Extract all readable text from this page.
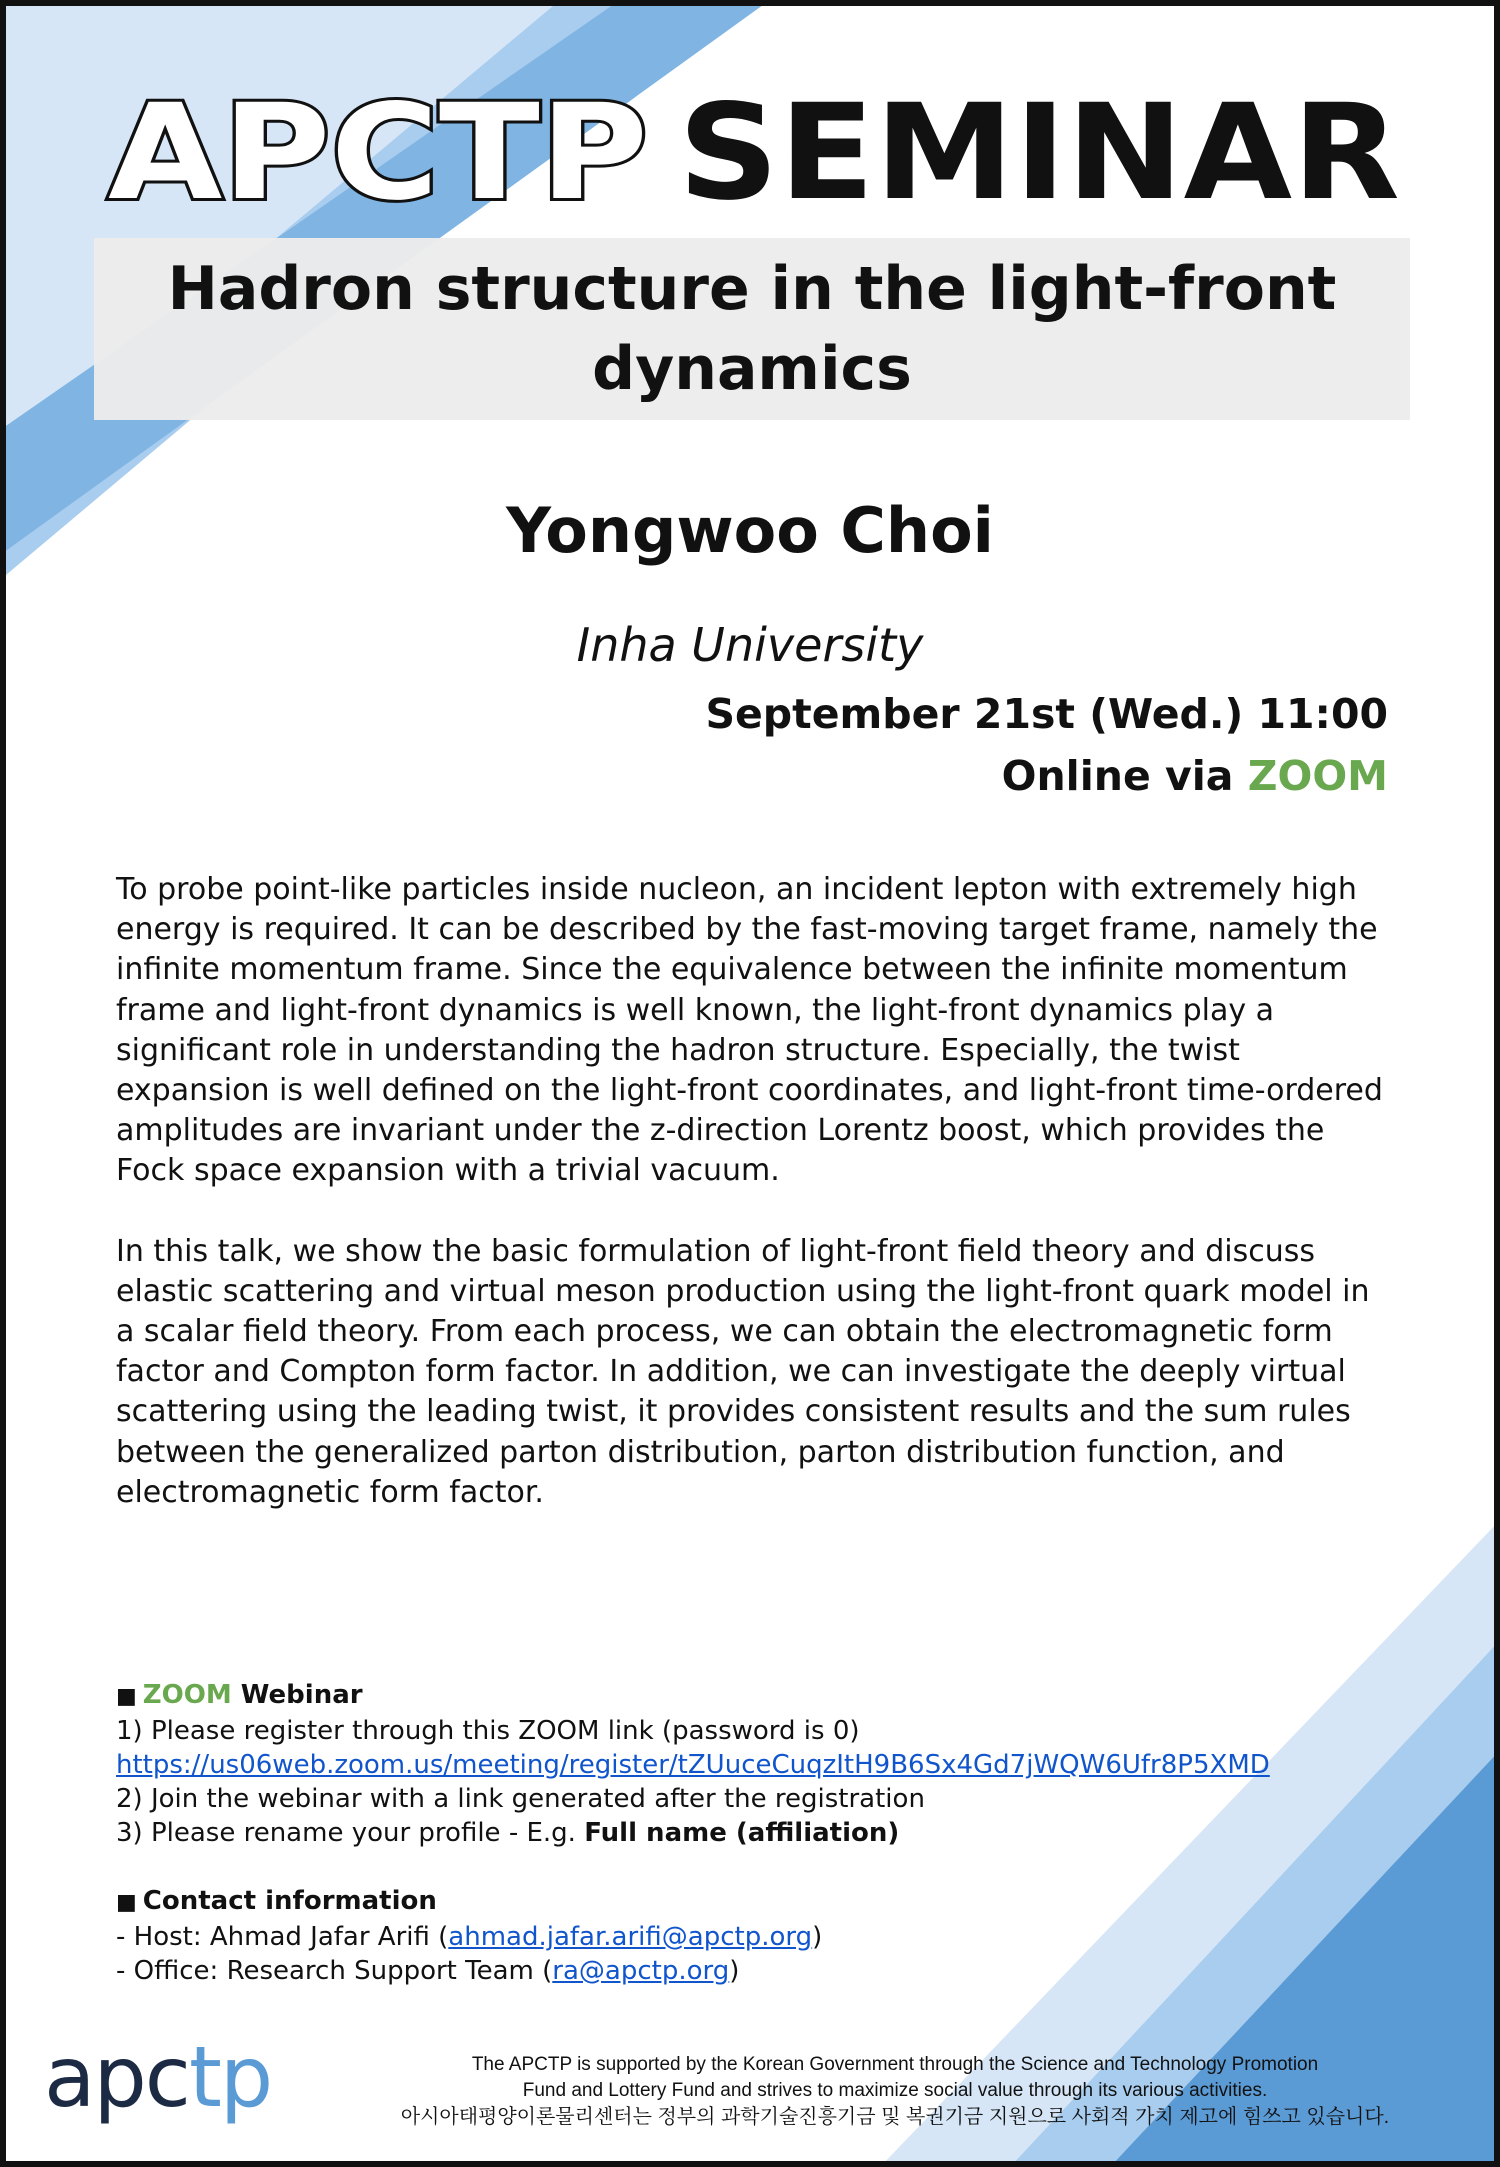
APCTP SEMINAR
Hadron structure in the light-front dynamics
Yongwoo Choi
Inha University
September 21st (Wed.) 11:00
Online via ZOOM

To probe point-like particles inside nucleon, an incident lepton with extremely high energy is required. It can be described by the fast-moving target frame, namely the infinite momentum frame. Since the equivalence between the infinite momentum frame and light-front dynamics is well known, the light-front dynamics play a significant role in understanding the hadron structure. Especially, the twist expansion is well defined on the light-front coordinates, and light-front time-ordered amplitudes are invariant under the z-direction Lorentz boost, which provides the Fock space expansion with a trivial vacuum.

In this talk, we show the basic formulation of light-front field theory and discuss elastic scattering and virtual meson production using the light-front quark model in a scalar field theory. From each process, we can obtain the electromagnetic form factor and Compton form factor. In addition, we can investigate the deeply virtual scattering using the leading twist, it provides consistent results and the sum rules between the generalized parton distribution, parton distribution function, and electromagnetic form factor.

■ ZOOM Webinar
1) Please register through this ZOOM link (password is 0)
https://us06web.zoom.us/meeting/register/tZUuceCuqzItH9B6Sx4Gd7jWQW6Ufr8P5XMD
2) Join the webinar with a link generated after the registration
3) Please rename your profile - E.g. Full name (affiliation)
■ Contact information
- Host: Ahmad Jafar Arifi (ahmad.jafar.arifi@apctp.org)
- Office: Research Support Team (ra@apctp.org)
apctp	The APCTP is supported by the Korean Government through the Science and Technology Promotion
Fund and Lottery Fund and strives to maximize social value through its various activities.
아시아태평양이론물리센터는 정부의 과학기술진흥기금 및 복권기금 지원으로 사회적 가치 제고에 힘쓰고 있습니다.
